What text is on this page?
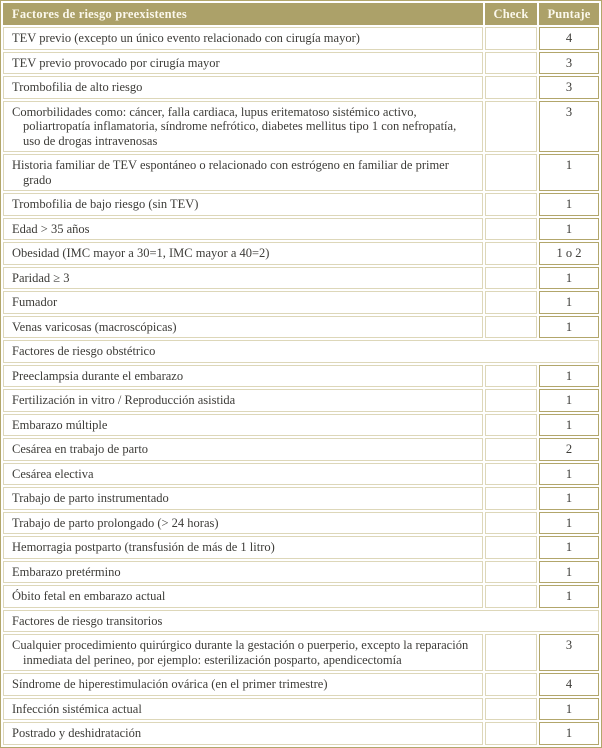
Factores de riesgo preexistentes	Check	Puntaje

TEV previo (excepto un único evento relacionado con cirugía mayor)		4

TEV previo provocado por cirugía mayor		3

Trombofilia de alto riesgo		3

Comorbilidades como: cáncer, falla cardiaca, lupus eritematoso sistémico activo, poliartropatía inflamatoria, síndrome nefrótico, diabetes mellitus tipo 1 con nefropatía, uso de drogas intravenosas		3

Historia familiar de TEV espontáneo o relacionado con estrógeno en familiar de primer grado		1

Trombofilia de bajo riesgo (sin TEV)		1

Edad > 35 años		1

Obesidad (IMC mayor a 30=1, IMC mayor a 40=2)		1 o 2

Paridad ≥ 3		1

Fumador		1

Venas varicosas (macroscópicas)		1
Factores de riesgo obstétrico		

Preeclampsia durante el embarazo		1

Fertilización in vitro / Reproducción asistida		1

Embarazo múltiple		1

Cesárea en trabajo de parto		2

Cesárea electiva		1

Trabajo de parto instrumentado		1

Trabajo de parto prolongado (> 24 horas)		1

Hemorragia postparto (transfusión de más de 1 litro)		1

Embarazo pretérmino		1

Óbito fetal en embarazo actual		1
Factores de riesgo transitorios		

Cualquier procedimiento quirúrgico durante la gestación o puerperio, excepto la reparación inmediata del perineo, por ejemplo: esterilización posparto, apendicectomía		3

Síndrome de hiperestimulación ovárica (en el primer trimestre)		4

Infección sistémica actual		1

Postrado y deshidratación		1
